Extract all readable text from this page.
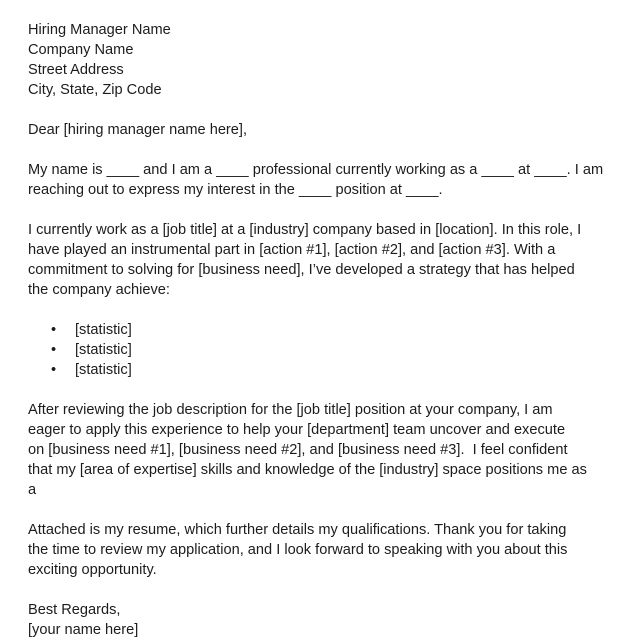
Hiring Manager Name
Company Name
Street Address
City, State, Zip Code
Dear [hiring manager name here],
My name is ____ and I am a ____ professional currently working as a ____ at ____. I am
reaching out to express my interest in the ____ position at ____.
I currently work as a [job title] at a [industry] company based in [location]. In this role, I
have played an instrumental part in [action #1], [action #2], and [action #3]. With a
commitment to solving for [business need], I’ve developed a strategy that has helped
the company achieve:
• [statistic]
• [statistic]
• [statistic]
After reviewing the job description for the [job title] position at your company, I am
eager to apply this experience to help your [department] team uncover and execute
on [business need #1], [business need #2], and [business need #3].  I feel confident
that my [area of expertise] skills and knowledge of the [industry] space positions me as
a
Attached is my resume, which further details my qualifications. Thank you for taking
the time to review my application, and I look forward to speaking with you about this
exciting opportunity.
Best Regards,
[your name here]
